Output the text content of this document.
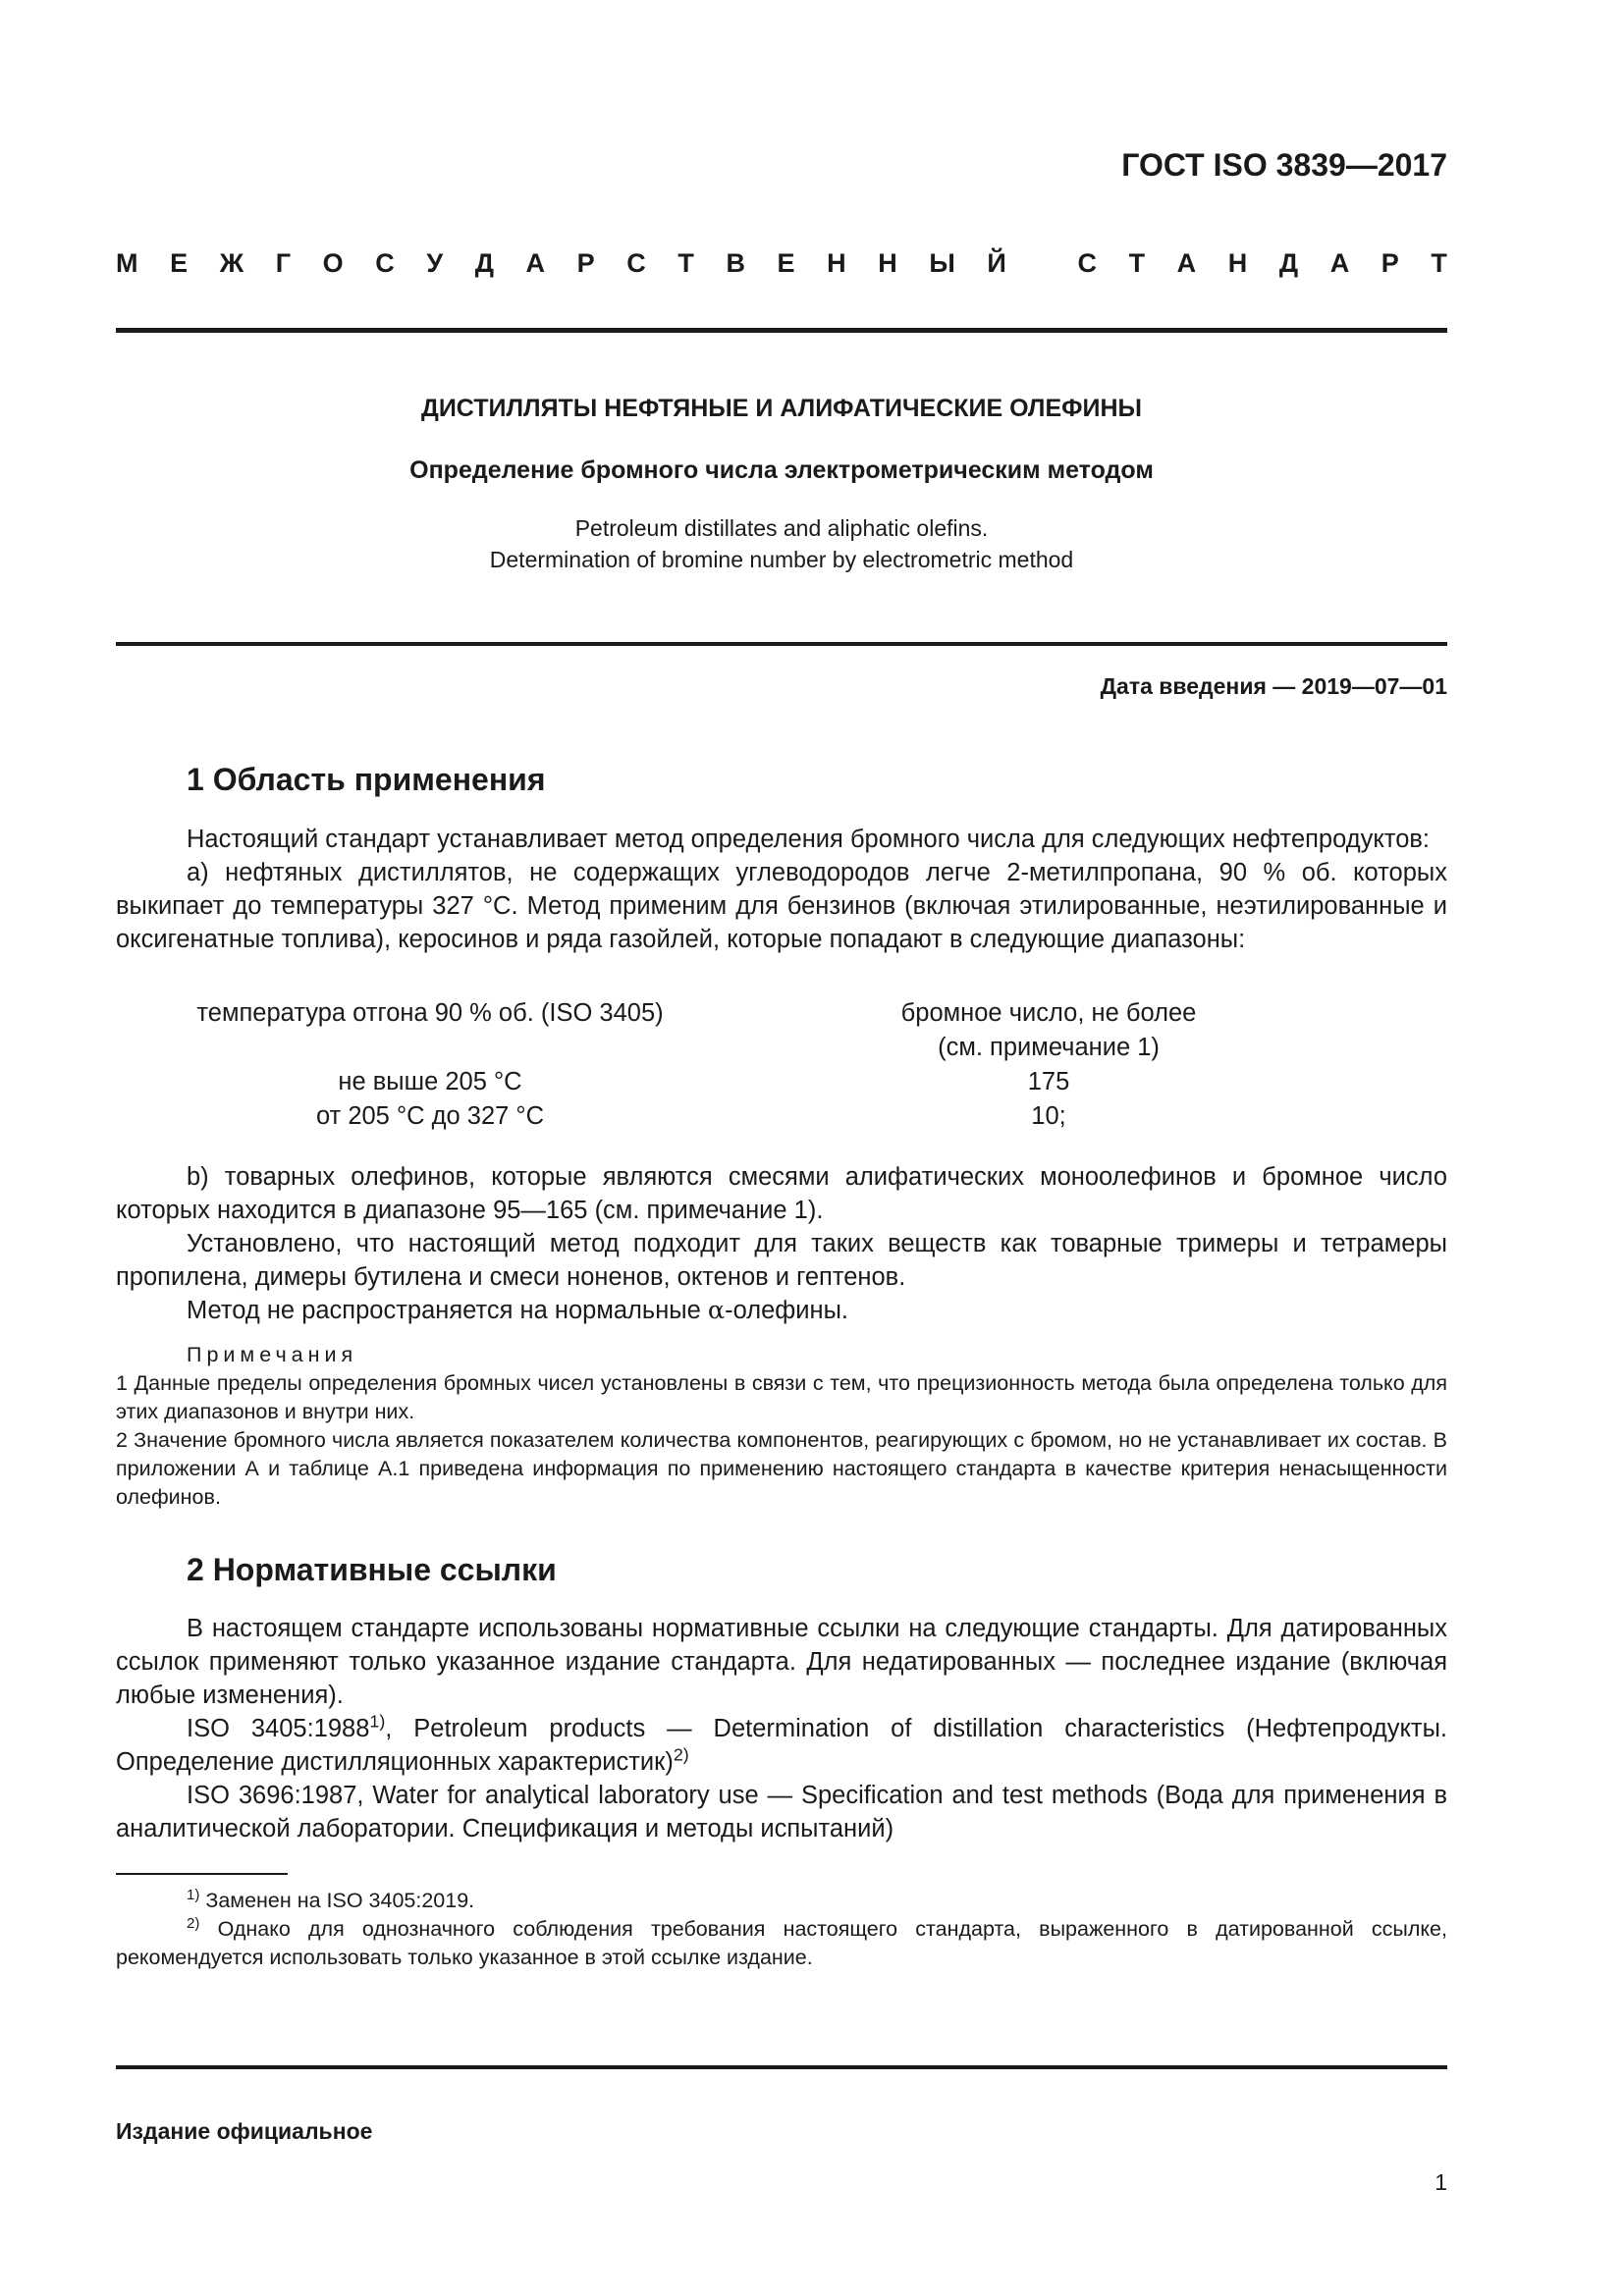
ГОСТ ISO 3839—2017
М Е Ж Г О С У Д А Р С Т В Е Н Н Ы Й
	С Т А Н Д А Р Т
ДИСТИЛЛЯТЫ НЕФТЯНЫЕ И АЛИФАТИЧЕСКИЕ ОЛЕФИНЫ
Определение бромного числа электрометрическим методом
Petroleum distillates and aliphatic olefins.
Determination of bromine number by electrometric method
Дата введения — 2019—07—01
1 Область применения

Настоящий стандарт устанавливает метод определения бромного числа для следующих нефтепродуктов:

a) нефтяных дистиллятов, не содержащих углеводородов легче 2-метилпропана, 90 % об. которых выкипает до температуры 327 °С. Метод применим для бензинов (включая этилированные, неэтилированные и оксигенатные топлива), керосинов и ряда газойлей, которые попадают в следующие диапазоны:

температура отгона 90 % об. (ISO 3405)	бромное число, не более
(см. примечание 1)
не выше 205 °С	175
от 205 °С до 327 °С	10;

b) товарных олефинов, которые являются смесями алифатических моноолефинов и бромное число которых находится в диапазоне 95—165 (см. примечание 1).

Установлено, что настоящий метод подходит для таких веществ как товарные тримеры и тетрамеры пропилена, димеры бутилена и смеси ноненов, октенов и гептенов.

Метод не распространяется на нормальные α-олефины.

Примечания

1 Данные пределы определения бромных чисел установлены в связи с тем, что прецизионность метода была определена только для этих диапазонов и внутри них.

2 Значение бромного числа является показателем количества компонентов, реагирующих с бромом, но не устанавливает их состав. В приложении А и таблице А.1 приведена информация по применению настоящего стандарта в качестве критерия ненасыщенности олефинов.

2 Нормативные ссылки

В настоящем стандарте использованы нормативные ссылки на следующие стандарты. Для датированных ссылок применяют только указанное издание стандарта. Для недатированных — последнее издание (включая любые изменения).

ISO 3405:1988$^{1)}$, Petroleum products — Determination of distillation characteristics (Нефтепродукты. Определение дистилляционных характеристик)$^{2)}$

ISO 3696:1987, Water for analytical laboratory use — Specification and test methods (Вода для применения в аналитической лаборатории. Спецификация и методы испытаний)

$^{1)}$ Заменен на ISO 3405:2019.

$^{2)}$ Однако для однозначного соблюдения требования настоящего стандарта, выраженного в датированной ссылке, рекомендуется использовать только указанное в этой ссылке издание.

Издание официальное
1
